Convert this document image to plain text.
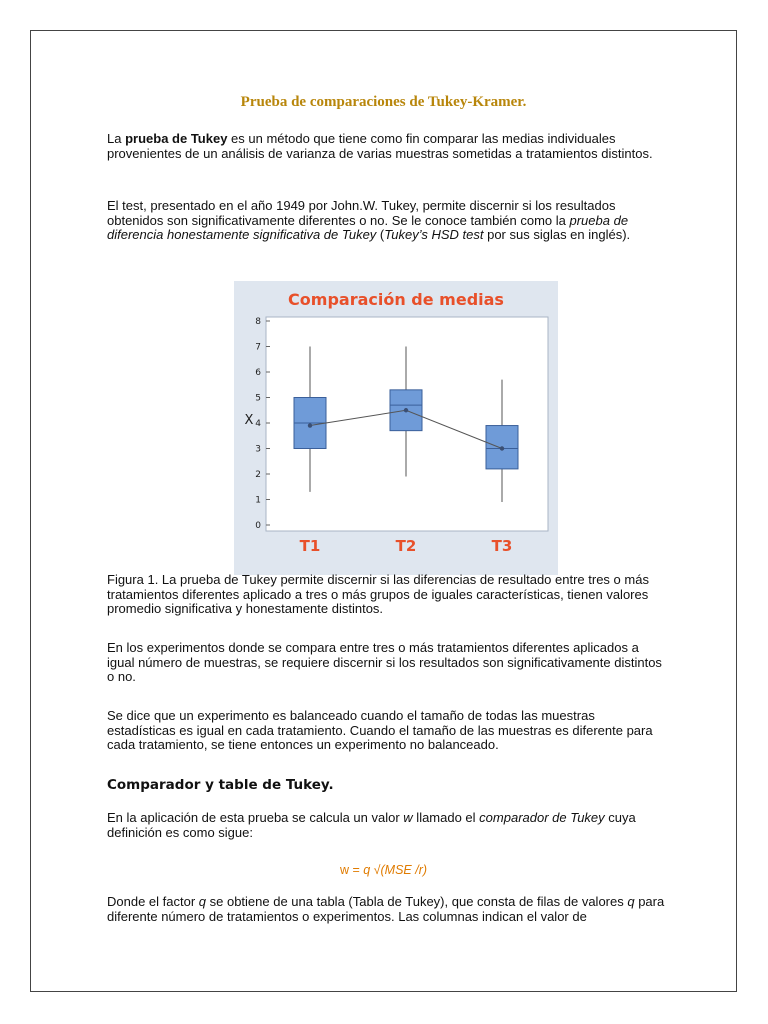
Prueba de comparaciones de Tukey-Kramer.

La prueba de Tukey es un método que tiene como fin comparar las medias individuales provenientes de un análisis de varianza de varias muestras sometidas a tratamientos distintos.

El test, presentado en el año 1949 por John.W. Tukey, permite discernir si los resultados obtenidos son significativamente diferentes o no. Se le conoce también como la prueba de diferencia honestamente significativa de Tukey (Tukey’s HSD test por sus siglas en inglés).

Comparación de medias
X
0
1
2
3
4
5
6
7
8
T1	T2	T3

Figura 1. La prueba de Tukey permite discernir si las diferencias de resultado entre tres o más tratamientos diferentes aplicado a tres o más grupos de iguales características, tienen valores promedio significativa y honestamente distintos.

En los experimentos donde se compara entre tres o más tratamientos diferentes aplicados a igual número de muestras, se requiere discernir si los resultados son significativamente distintos o no.

Se dice que un experimento es balanceado cuando el tamaño de todas las muestras estadísticas es igual en cada tratamiento. Cuando el tamaño de las muestras es diferente para cada tratamiento, se tiene entonces un experimento no balanceado.

Comparador y table de Tukey.

En la aplicación de esta prueba se calcula un valor w llamado el comparador de Tukey cuya definición es como sigue:

w = q √(MSE /r)

Donde el factor q se obtiene de una tabla (Tabla de Tukey), que consta de filas de valores q para diferente número de tratamientos o experimentos. Las columnas indican el valor de
